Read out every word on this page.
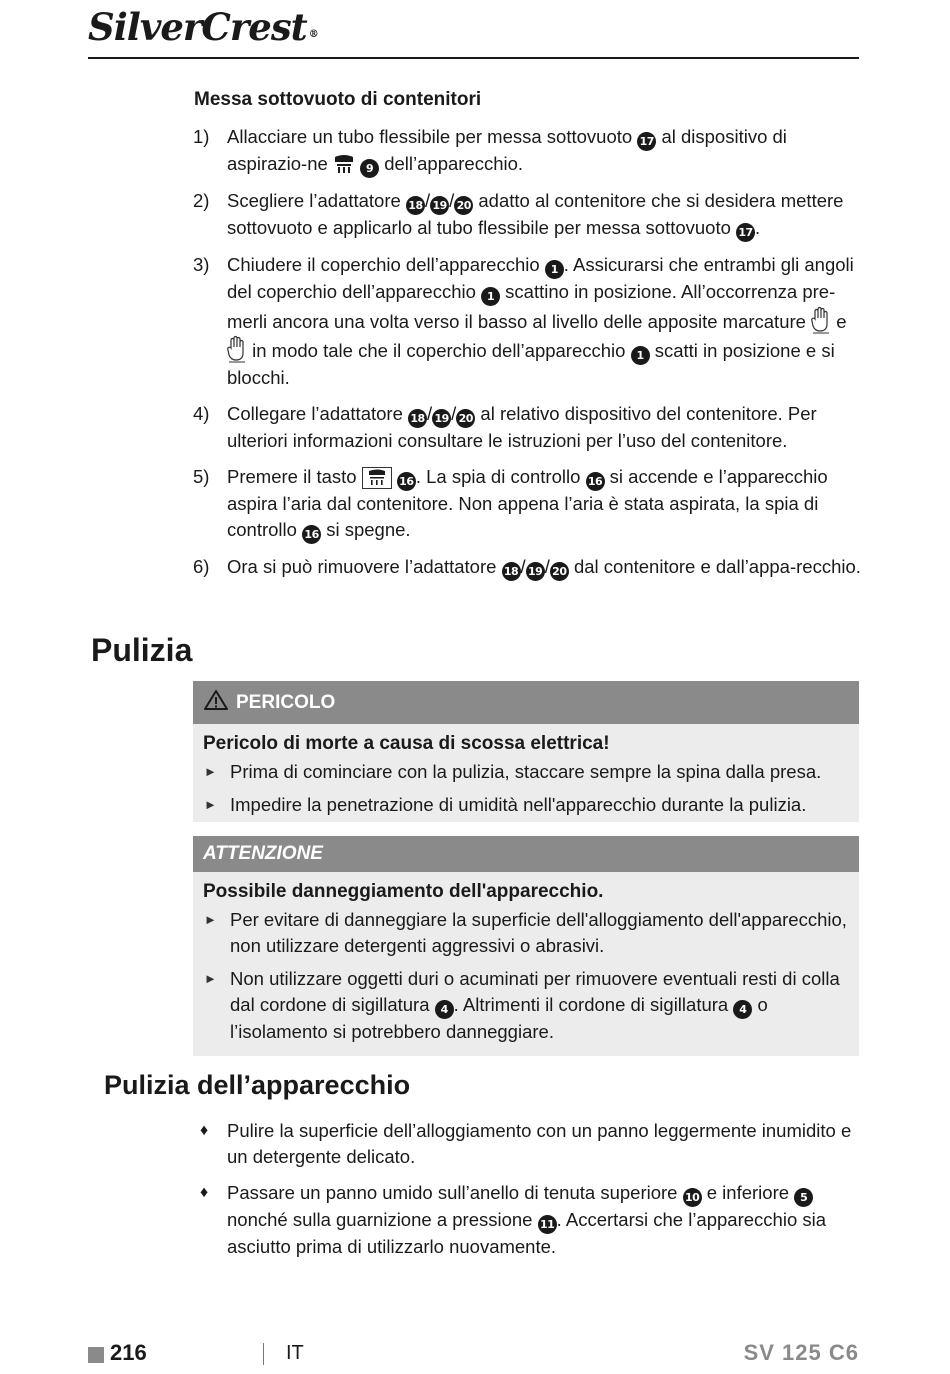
SilverCrest ®
Messa sottovuoto di contenitori
1) Allacciare un tubo flessibile per messa sottovuoto 17 al dispositivo di aspirazio-ne	9 dell’apparecchio.
2) Scegliere l’adattatore 18 / 19 / 20 adatto al contenitore che si desidera mettere sottovuoto e applicarlo al tubo flessibile per messa sottovuoto 17 .
3) Chiudere il coperchio dell’apparecchio 1 . Assicurarsi che entrambi gli angoli del coperchio dell’apparecchio 1 scattino in posizione. All’occorrenza pre-merli ancora una volta verso il basso al livello delle apposite marcature
e
in modo tale che il coperchio dell’apparecchio 1 scatti in posizione e si blocchi.
4) Collegare l’adattatore 18 / 19 / 20 al relativo dispositivo del contenitore. Per ulteriori informazioni consultare le istruzioni per l’uso del contenitore.
5) Premere il tasto	16 . La spia di controllo 16 si accende e l’apparecchio aspira l’aria dal contenitore. Non appena l’aria è stata aspirata, la spia di controllo 16 si spegne.
6) Ora si può rimuovere l’adattatore 18 / 19 / 20 dal contenitore e dall’appa-recchio.
Pulizia
PERICOLO
Pericolo di morte a causa di scossa elettrica!
► Prima di cominciare con la pulizia, staccare sempre la spina dalla presa.
► Impedire la penetrazione di umidità nell'apparecchio durante la pulizia.
ATTENZIONE
Possibile danneggiamento dell'apparecchio.
► Per evitare di danneggiare la superficie dell'alloggiamento dell'apparecchio, non utilizzare detergenti aggressivi o abrasivi.
► Non utilizzare oggetti duri o acuminati per rimuovere eventuali resti di colla dal cordone di sigillatura 4 . Altrimenti il cordone di sigillatura 4 o l’isolamento si potrebbero danneggiare.
Pulizia dell’apparecchio
♦	Pulire la superficie dell’alloggiamento con un panno leggermente inumidito e un detergente delicato.
♦	Passare un panno umido sull’anello di tenuta superiore 10 e inferiore 5 nonché sulla guarnizione a pressione 11 . Accertarsi che l’apparecchio sia asciutto prima di utilizzarlo nuovamente.
216	IT	SV 125 C6
